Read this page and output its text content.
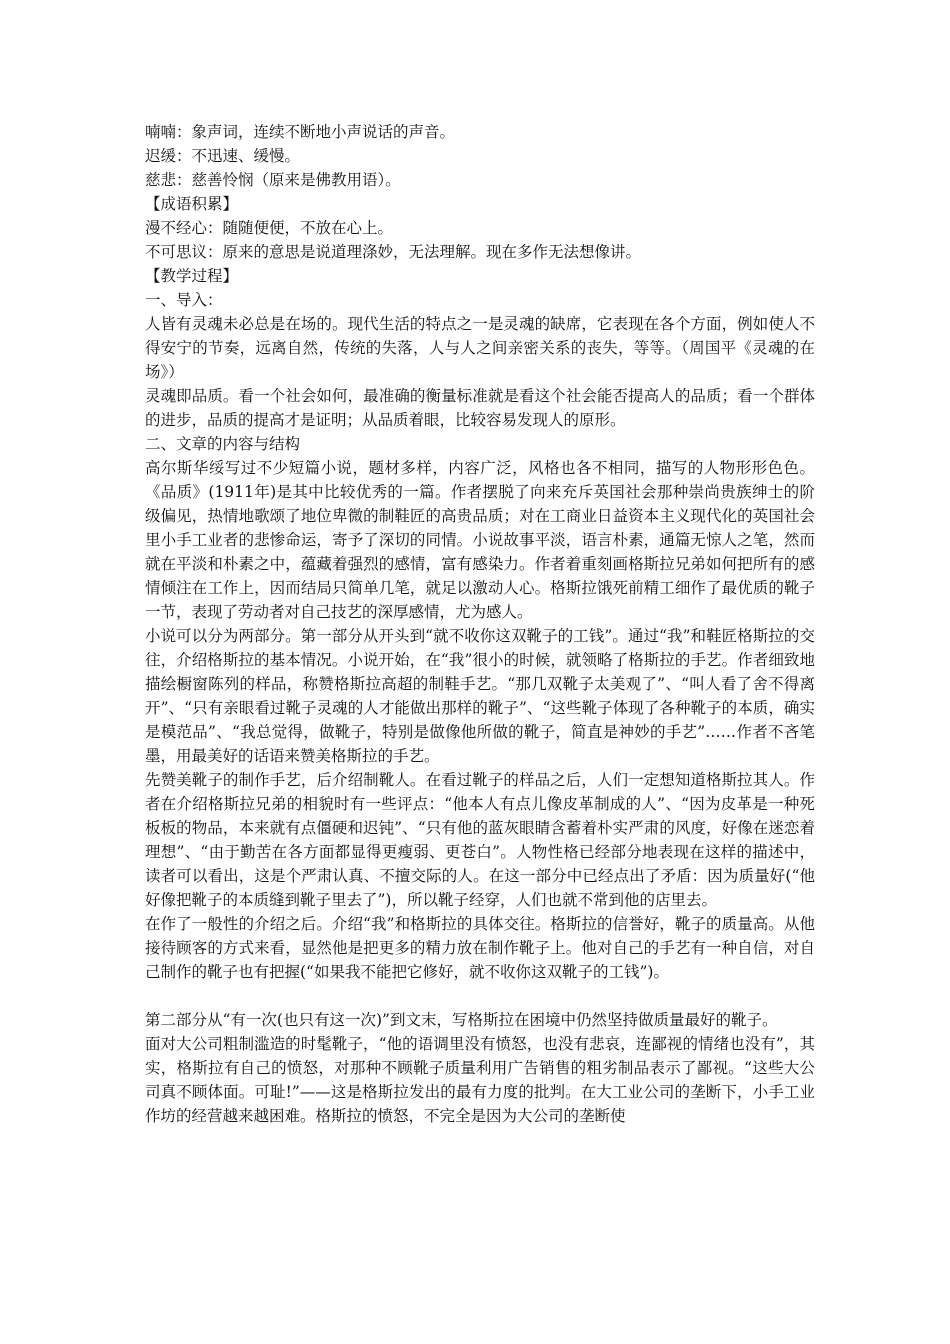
喃喃：象声词，连续不断地小声说话的声音。

迟缓：不迅速、缓慢。

慈悲：慈善怜悯（原来是佛教用语）。

【成语积累】

漫不经心：随随便便，不放在心上。

不可思议：原来的意思是说道理涤妙，无法理解。现在多作无法想像讲。

【教学过程】

一、导入：

人皆有灵魂未必总是在场的。现代生活的特点之一是灵魂的缺席，它表现在各个方面，例如使人不得安宁的节奏，远离自然，传统的失落，人与人之间亲密关系的丧失，等等。（周国平《灵魂的在场》）

灵魂即品质。看一个社会如何，最准确的衡量标准就是看这个社会能否提高人的品质；看一个群体的进步，品质的提高才是证明；从品质着眼，比较容易发现人的原形。

二、文章的内容与结构

高尔斯华绥写过不少短篇小说，题材多样，内容广泛，风格也各不相同，描写的人物形形色色。《品质》(1911年)是其中比较优秀的一篇。作者摆脱了向来充斥英国社会那种崇尚贵族绅士的阶级偏见，热情地歌颂了地位卑微的制鞋匠的高贵品质；对在工商业日益资本主义现代化的英国社会里小手工业者的悲惨命运，寄予了深切的同情。小说故事平淡，语言朴素，通篇无惊人之笔，然而就在平淡和朴素之中，蕴藏着强烈的感情，富有感染力。作者着重刻画格斯拉兄弟如何把所有的感情倾注在工作上，因而结局只简单几笔，就足以激动人心。格斯拉饿死前精工细作了最优质的靴子一节，表现了劳动者对自己技艺的深厚感情，尤为感人。

小说可以分为两部分。第一部分从开头到“就不收你这双靴子的工钱”。通过“我”和鞋匠格斯拉的交往，介绍格斯拉的基本情况。小说开始，在“我”很小的时候，就领略了格斯拉的手艺。作者细致地描绘橱窗陈列的样品，称赞格斯拉高超的制鞋手艺。“那几双靴子太美观了”、“叫人看了舍不得离开”、“只有亲眼看过靴子灵魂的人才能做出那样的靴子”、“这些靴子体现了各种靴子的本质，确实是模范品”、“我总觉得，做靴子，特别是做像他所做的靴子，简直是神妙的手艺”……作者不吝笔墨，用最美好的话语来赞美格斯拉的手艺。

先赞美靴子的制作手艺，后介绍制靴人。在看过靴子的样品之后，人们一定想知道格斯拉其人。作者在介绍格斯拉兄弟的相貌时有一些评点：“他本人有点儿像皮革制成的人”、“因为皮革是一种死板板的物品，本来就有点僵硬和迟钝”、“只有他的蓝灰眼睛含蓄着朴实严肃的风度，好像在迷恋着理想”、“由于勤苦在各方面都显得更瘦弱、更苍白”。人物性格已经部分地表现在这样的描述中，读者可以看出，这是个严肃认真、不擅交际的人。在这一部分中已经点出了矛盾：因为质量好(“他好像把靴子的本质缝到靴子里去了”)，所以靴子经穿，人们也就不常到他的店里去。

在作了一般性的介绍之后。介绍“我”和格斯拉的具体交往。格斯拉的信誉好，靴子的质量高。从他接待顾客的方式来看，显然他是把更多的精力放在制作靴子上。他对自己的手艺有一种自信，对自己制作的靴子也有把握(“如果我不能把它修好，就不收你这双靴子的工钱”)。

第二部分从“有一次(也只有这一次)”到文末，写格斯拉在困境中仍然坚持做质量最好的靴子。

面对大公司粗制滥造的时髦靴子，“他的语调里没有愤怒，也没有悲哀，连鄙视的情绪也没有”，其实，格斯拉有自己的愤怒，对那种不顾靴子质量利用广告销售的粗劣制品表示了鄙视。“这些大公司真不顾体面。可耻!”——这是格斯拉发出的最有力度的批判。在大工业公司的垄断下，小手工业作坊的经营越来越困难。格斯拉的愤怒，不完全是因为大公司的垄断使
